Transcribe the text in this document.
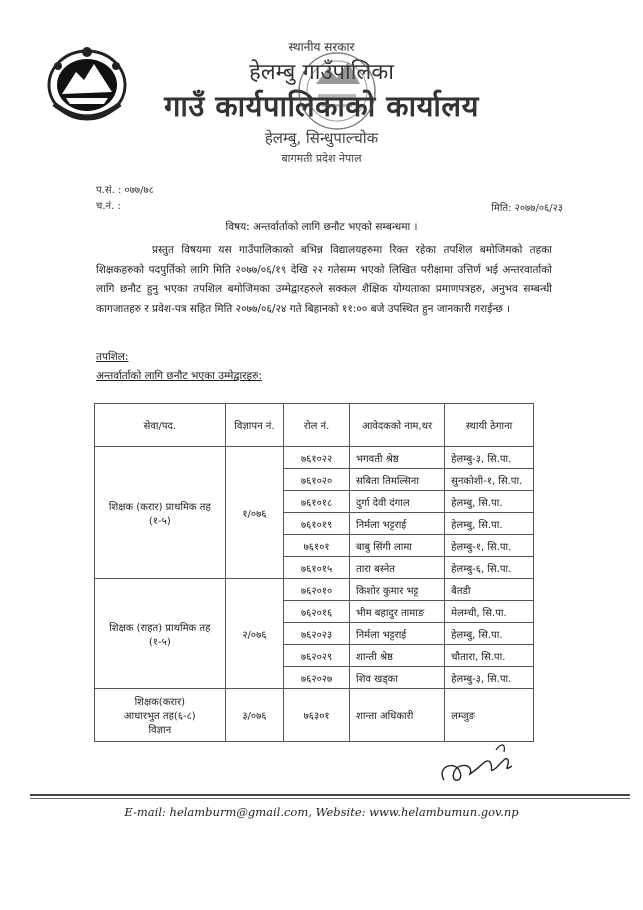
स्थानीय सरकार
हेलम्बु गाउँपालिका
गाउँ कार्यपालिकाको कार्यालय
हेलम्बु, सिन्धुपाल्चोक
बागमती प्रदेश नेपाल
प.सं. : ०७७/७८
च.नं. :	मिति: २०७७/०६/२३
विषय: अन्तर्वार्ताको लागि छनौट भएको सम्बन्धमा ।
प्रस्तुत विषयमा यस गाउँपालिकाको बभिन्न विद्यालयहरुमा रिक्त रहेका तपशिल बमोजिमको तहका शिक्षकहरुको पदपुर्तिको लागि मिति २०७७/०६/१९ देखि २२ गतेसम्म भएको लिखित परीक्षामा उत्तिर्ण भई अन्तरवार्ताको लागि छनौट हुनु भएका तपशिल बमोजिमका उम्मेद्वारहरुले सक्कल शैक्षिक योग्यताका प्रमाणपत्रहरु, अनुभव सम्बन्धी कागजातहरु र प्रवेश-पत्र सहित मिति २०७७/०६/२४ गते बिहानको ११:०० बजे उपस्थित हुन जानकारी गराईन्छ ।
तपशिल:
अन्तर्वार्ताको लागि छनौट भएका उम्मेद्वारहरु:
सेवा/पद.	विज्ञापन नं.	रोल नं.	आवेदकको नाम,थर	स्थायी ठेगाना
शिक्षक (करार) प्राथमिक तह (१-५)	१/०७६	७६१०२२	भगवती श्रेष्ठ	हेलम्बु-३, सि.पा.
		७६१०२०	सबिता तिमल्सिना	सुनकोशी-१, सि.पा.
		७६१०१८	दुर्गा देवी दंगाल	हेलम्बु, सि.पा.
		७६१०१९	निर्मला भट्टराई	हेलम्बु, सि.पा.
		७६१०१	बाबु सिंगी लामा	हेलम्बु-१, सि.पा.
		७६१०१५	तारा बस्नेत	हेलम्बु-६, सि.पा.
शिक्षक (राहत) प्राथमिक तह (१-५)	२/०७६	७६२०१०	किशोर कुमार भट्ट	बैतडी
		७६२०१६	भीम बहादुर तामाङ	मेलम्ची, सि.पा.
		७६२०२३	निर्मला भट्टराई	हेलम्बु, सि.पा.
		७६२०२९	शान्ती श्रेष्ठ	चौतारा, सि.पा.
		७६२०२७	शिव खड्का	हेलम्बु-३, सि.पा.

शिक्षक(करार)
आधारभुत तह(६-८)
विज्ञान	३/०७६	७६३०१	शान्ता अधिकारी	लम्जुङ
E-mail: helamburm@gmail.com, Website: www.helambumun.gov.np
